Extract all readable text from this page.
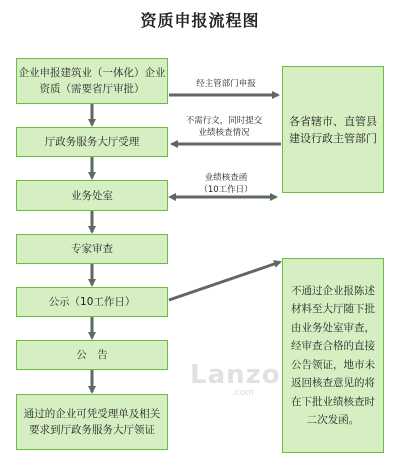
资质申报流程图
企业申报建筑业（一体化）企业资质（需要省厅审批）
厅政务服务大厅受理
业务处室
专家审查
公示（10工作日）
公　告
通过的企业可凭受理单及相关要求到厅政务服务大厅领证
各省辖市、直管县建设行政主管部门
不通过企业报陈述材料至大厅随下批由业务处室审查，经审查合格的直接公告领证，地市未返回核查意见的将在下批业绩核查时二次发函。
经主管部门申报
不需行文，同时提交
业绩核查情况
业绩核查函
（10工作日）
Lanzo
.com
